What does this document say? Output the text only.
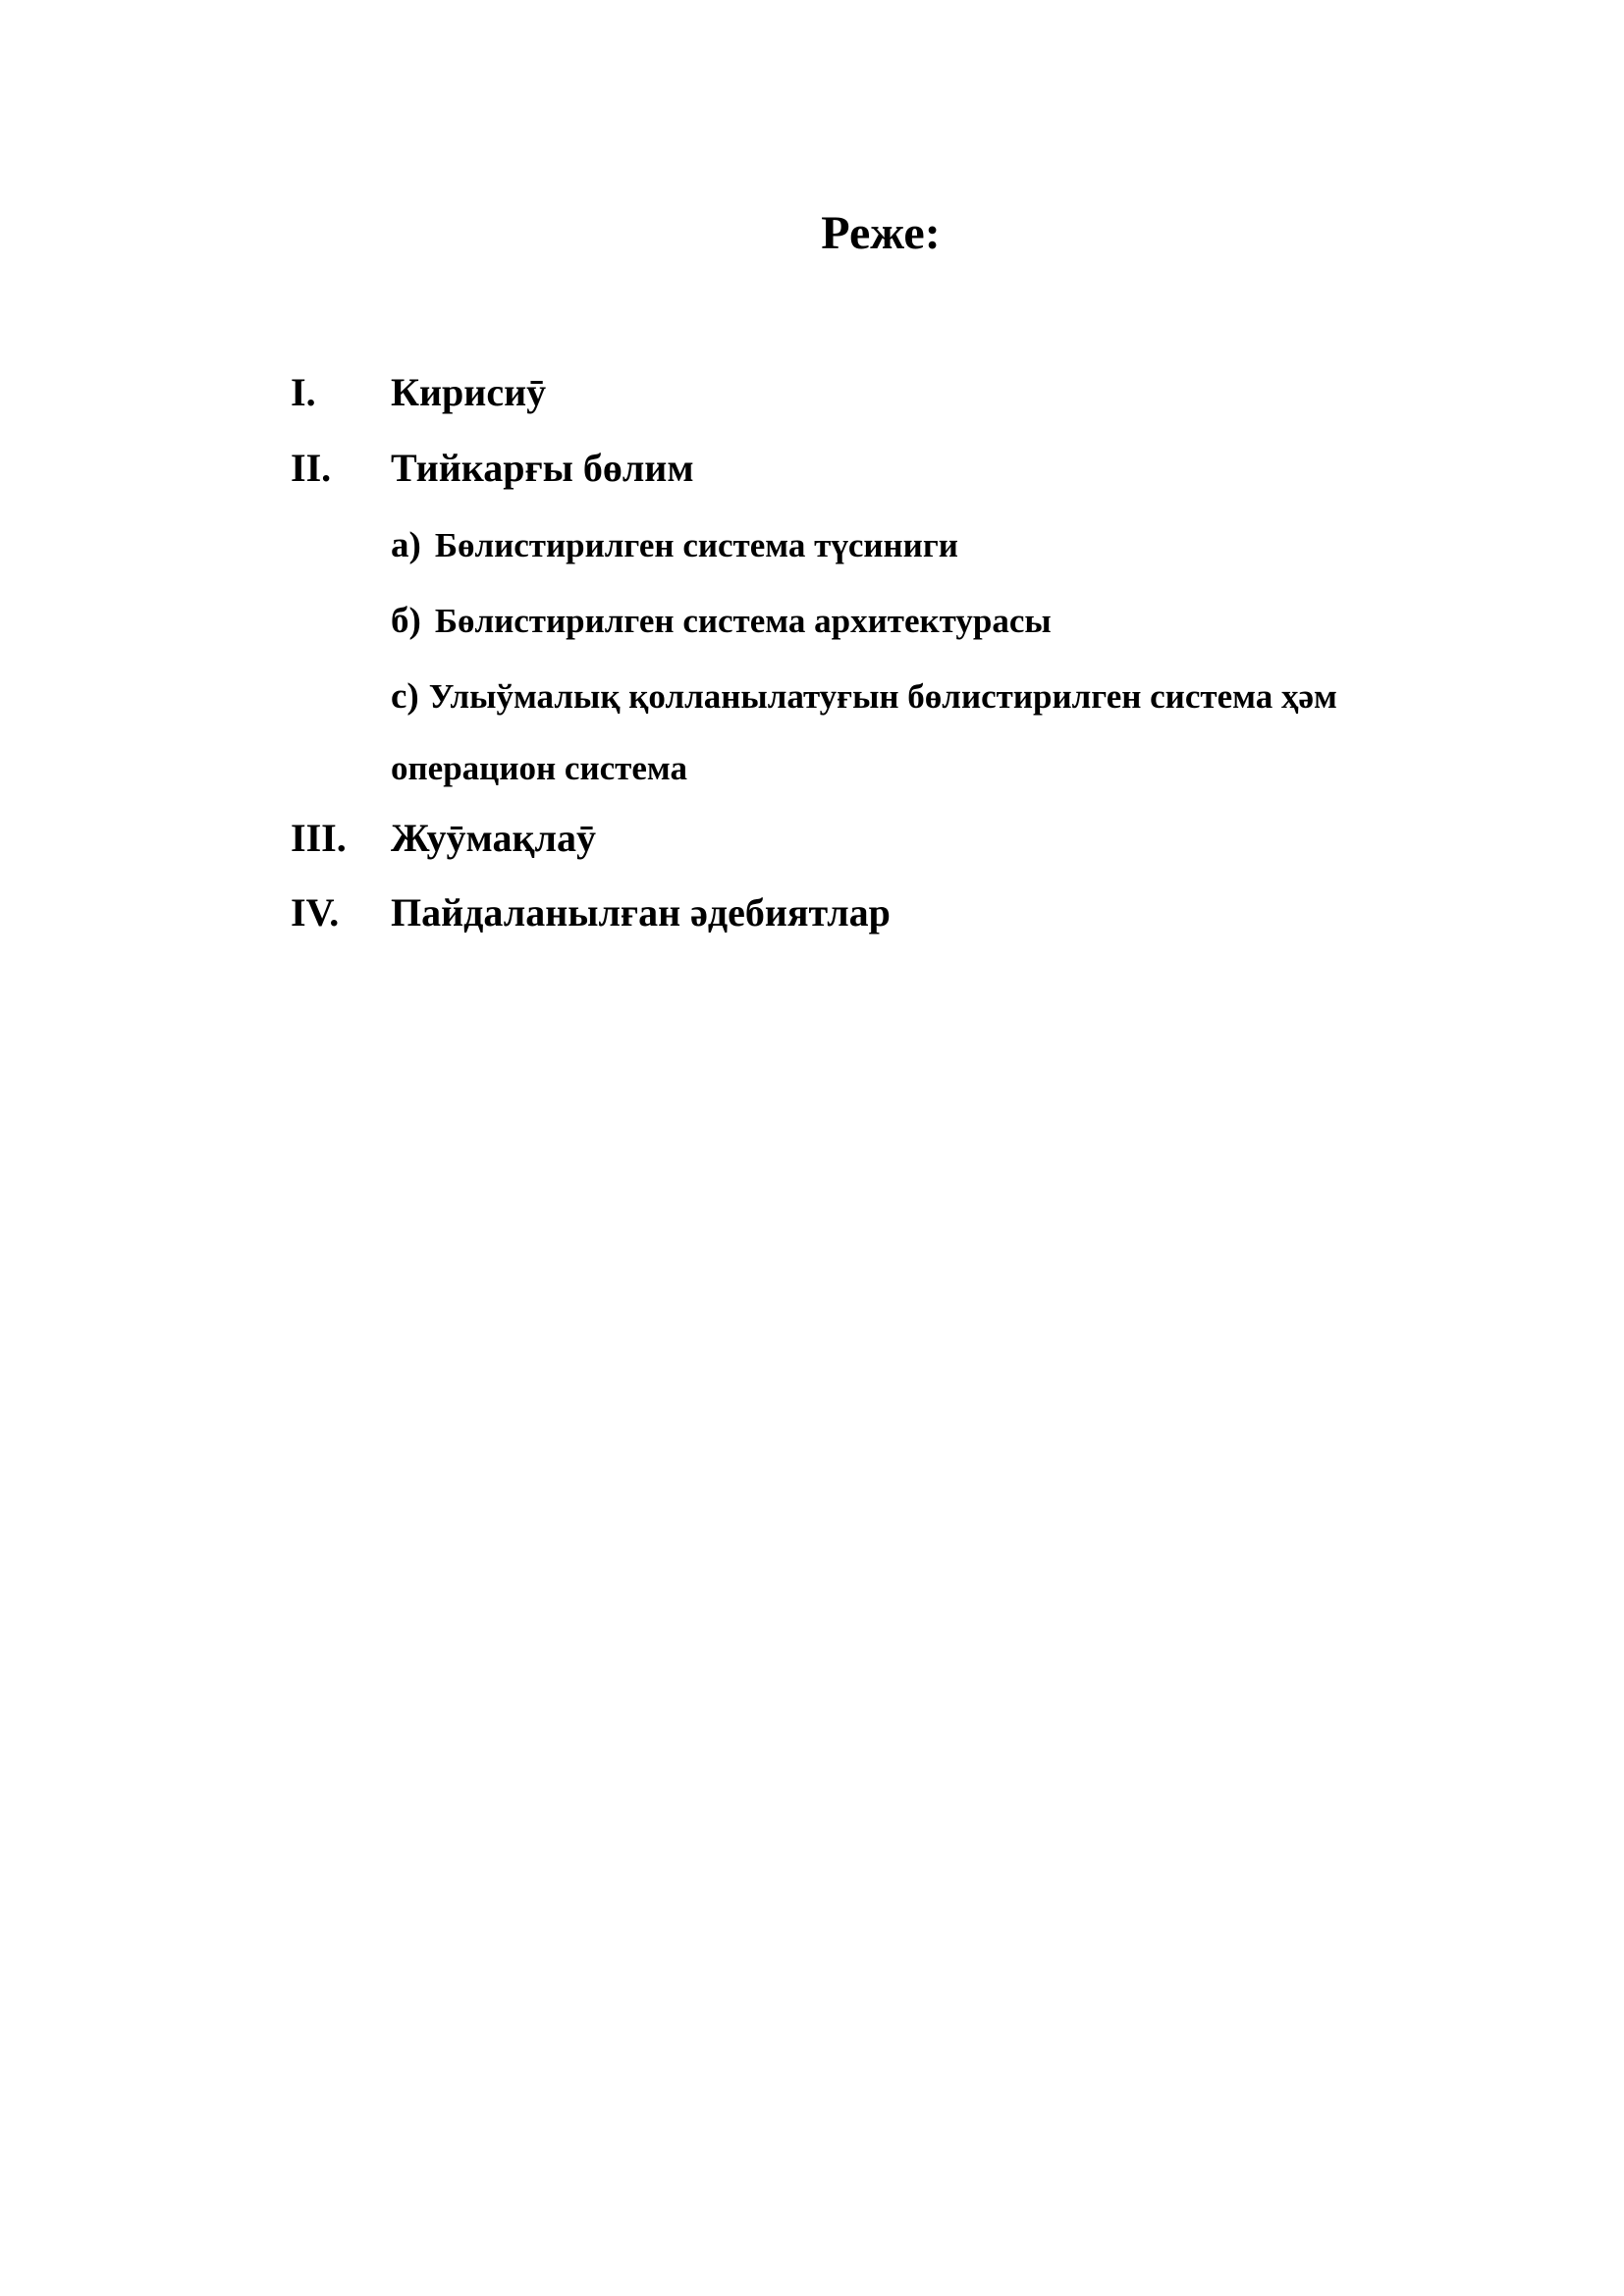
Реже:
I. Кирисиӯ
II. Тийкарғы бөлим
a) Бөлистирилген система түсиниги
б) Бөлистирилген система архитектурасы
с) Улыўмалық қолланылатуғын бөлистирилген система ҳәм
операцион система
III. Жуӯмақлаӯ
IV. Пайдаланылған әдебиятлар
